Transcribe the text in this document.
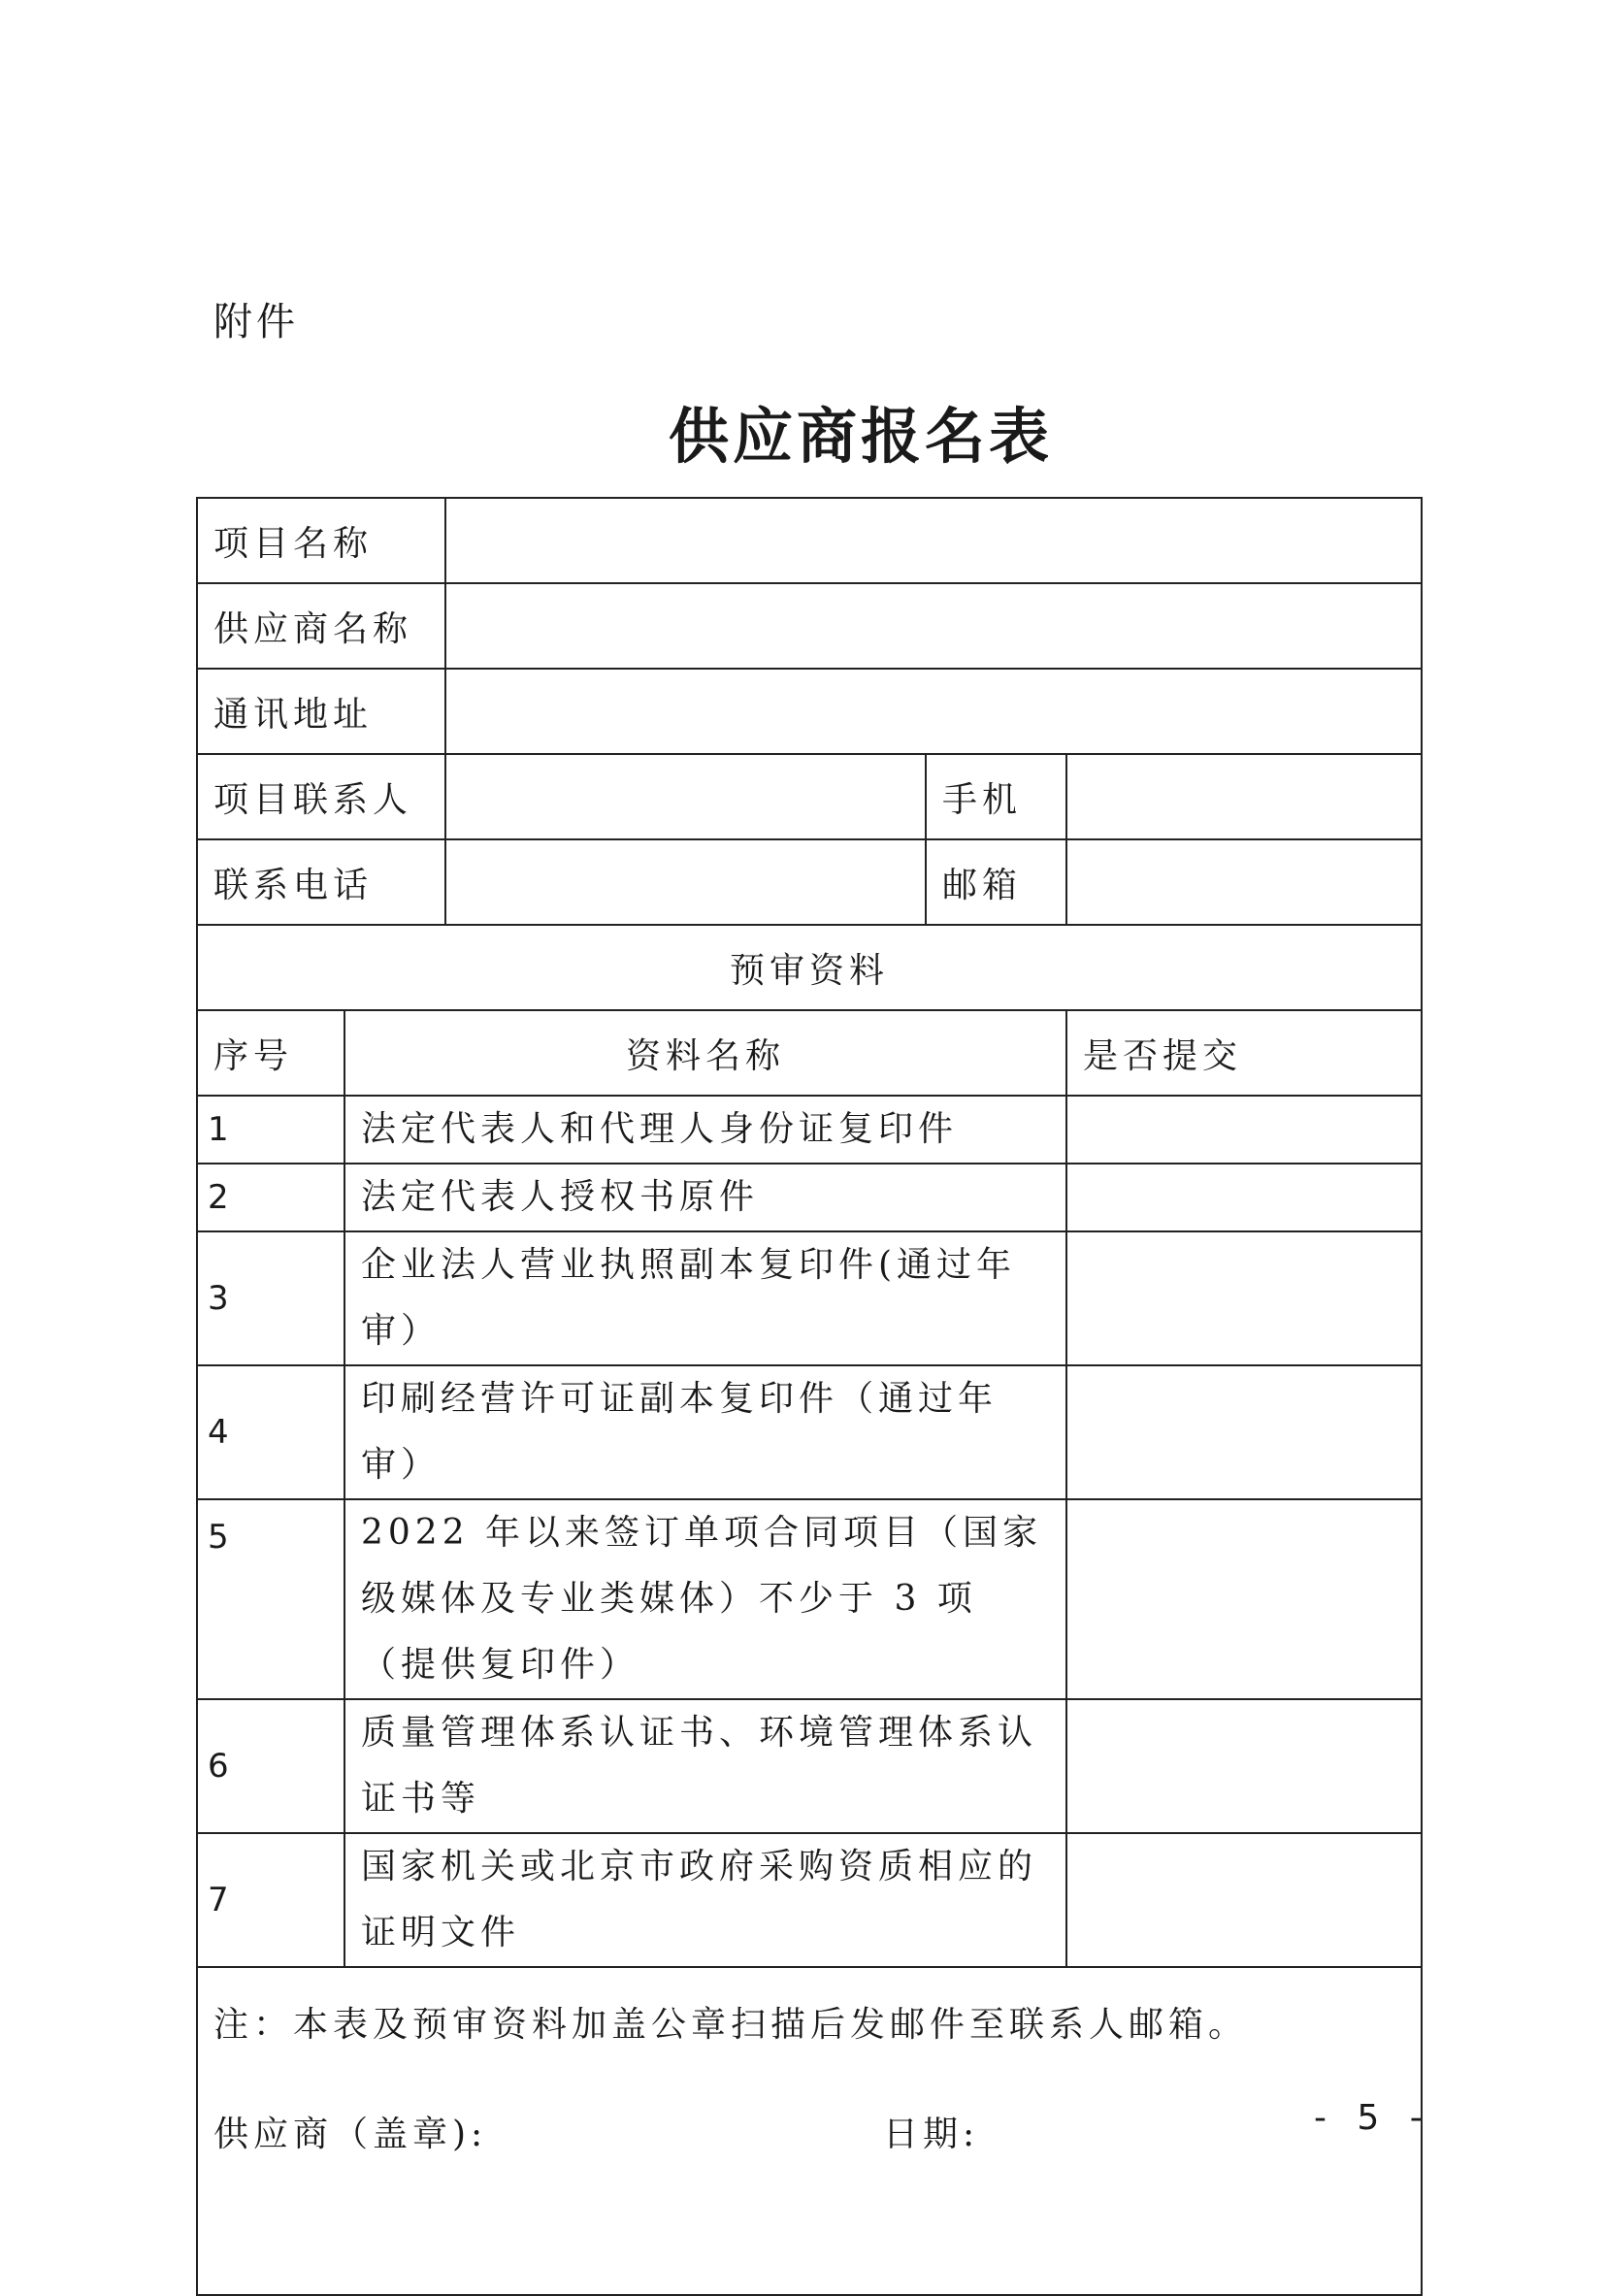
附件
供应商报名表
项目名称				
供应商名称				
通讯地址				
项目联系人			手机	
联系电话			邮箱	
预审资料				
序号	资料名称			是否提交
1	法定代表人和代理人身份证复印件			
2	法定代表人授权书原件			
3	企业法人营业执照副本复印件(通过年审）			
4	印刷经营许可证副本复印件（通过年审）			
5	2022 年以来签订单项合同项目（国家级媒体及专业类媒体）不少于 3 项（提供复印件）			
6	质量管理体系认证书、环境管理体系认证书等			
7	国家机关或北京市政府采购资质相应的证明文件			

供应商（盖章): 日期:				
注：本表及预审资料加盖公章扫描后发邮件至联系人邮箱。
- 5 -
